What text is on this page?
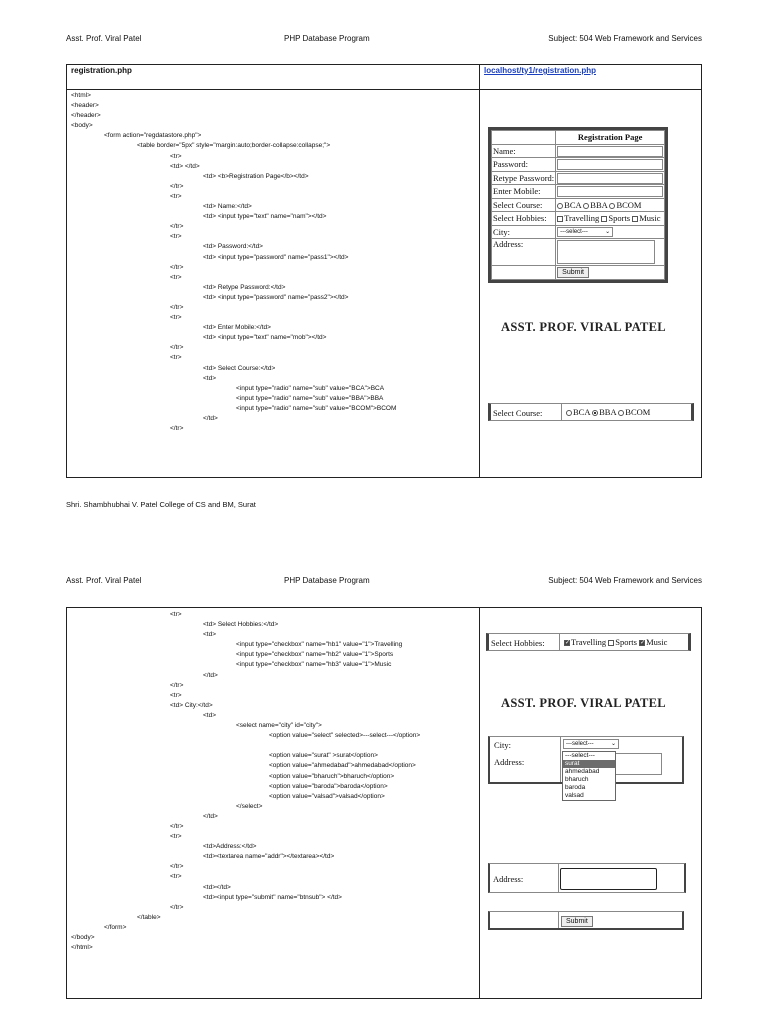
Asst. Prof. Viral Patel	PHP Database Program	Subject: 504 Web Framework and Services
registration.php	localhost/ty1/registration.php
<html>
<header>
</header>
<body>
	<form action="regdatastore.php">
		<table border="5px" style="margin:auto;border-collapse:collapse;">
			<tr>
			<td> </td>
				<td> <b>Registration Page</b></td>
			</tr>
			<tr>
				<td> Name:</td>
				<td> <input type="text" name="nam"></td>
			</tr>
			<tr>
				<td> Password:</td>
				<td> <input type="password" name="pass1"></td>
			</tr>
			<tr>
				<td> Retype Password:</td>
				<td> <input type="password" name="pass2"></td>
			</tr>
			<tr>
				<td> Enter Mobile:</td>
				<td> <input type="text" name="mob"></td>
			</tr>
			<tr>
				<td> Select Course:</td>
				<td>
					<input type="radio" name="sub" value="BCA">BCA
					<input type="radio" name="sub" value="BBA">BBA
					<input type="radio" name="sub" value="BCOM">BCOM
				</td>
			</tr>
	Registration Page
Name:	
Password:	
Retype Password:	
Enter Mobile:	
Select Course:	BCA BBA BCOM
Select Hobbies:	Travelling Sports Music
City:	---select--- ⌄

Address:	
	Submit
ASST. PROF. VIRAL PATEL
Select Course:	BCA BBA BCOM
Shri. Shambhubhai V. Patel College of CS and BM, Surat
Asst. Prof. Viral Patel	PHP Database Program	Subject: 504 Web Framework and Services
			<tr>
				<td> Select Hobbies:</td>
				<td>
					<input type="checkbox" name="hb1" value="1">Travelling
					<input type="checkbox" name="hb2" value="1">Sports
					<input type="checkbox" name="hb3" value="1">Music
				</td>
			</tr>
			<tr>
			<td> City:</td>
				<td>
					<select name="city" id="city">
						<option value="select" selected>---select---</option>

						<option value="surat" >surat</option>
						<option value="ahmedabad">ahmedabad</option>
						<option value="bharuch">bharuch</option>
						<option value="baroda">baroda</option>
						<option value="valsad">valsad</option>
					</select>
				</td>
			</tr>
			<tr>
				<td>Address:</td>
				<td><textarea name="addr"></textarea></td>
			</tr>
			<tr>
				<td></td>
				<td><input type="submit" name="btnsub"> </td>
			</tr>
		</table>
	</form>
</body>
</html>
Select Hobbies:	✓Travelling Sports ✓Music
ASST. PROF. VIRAL PATEL
City:	---select---	⌄
Address:
---select---
surat
ahmedabad
bharuch
baroda
valsad
Address:
Submit
